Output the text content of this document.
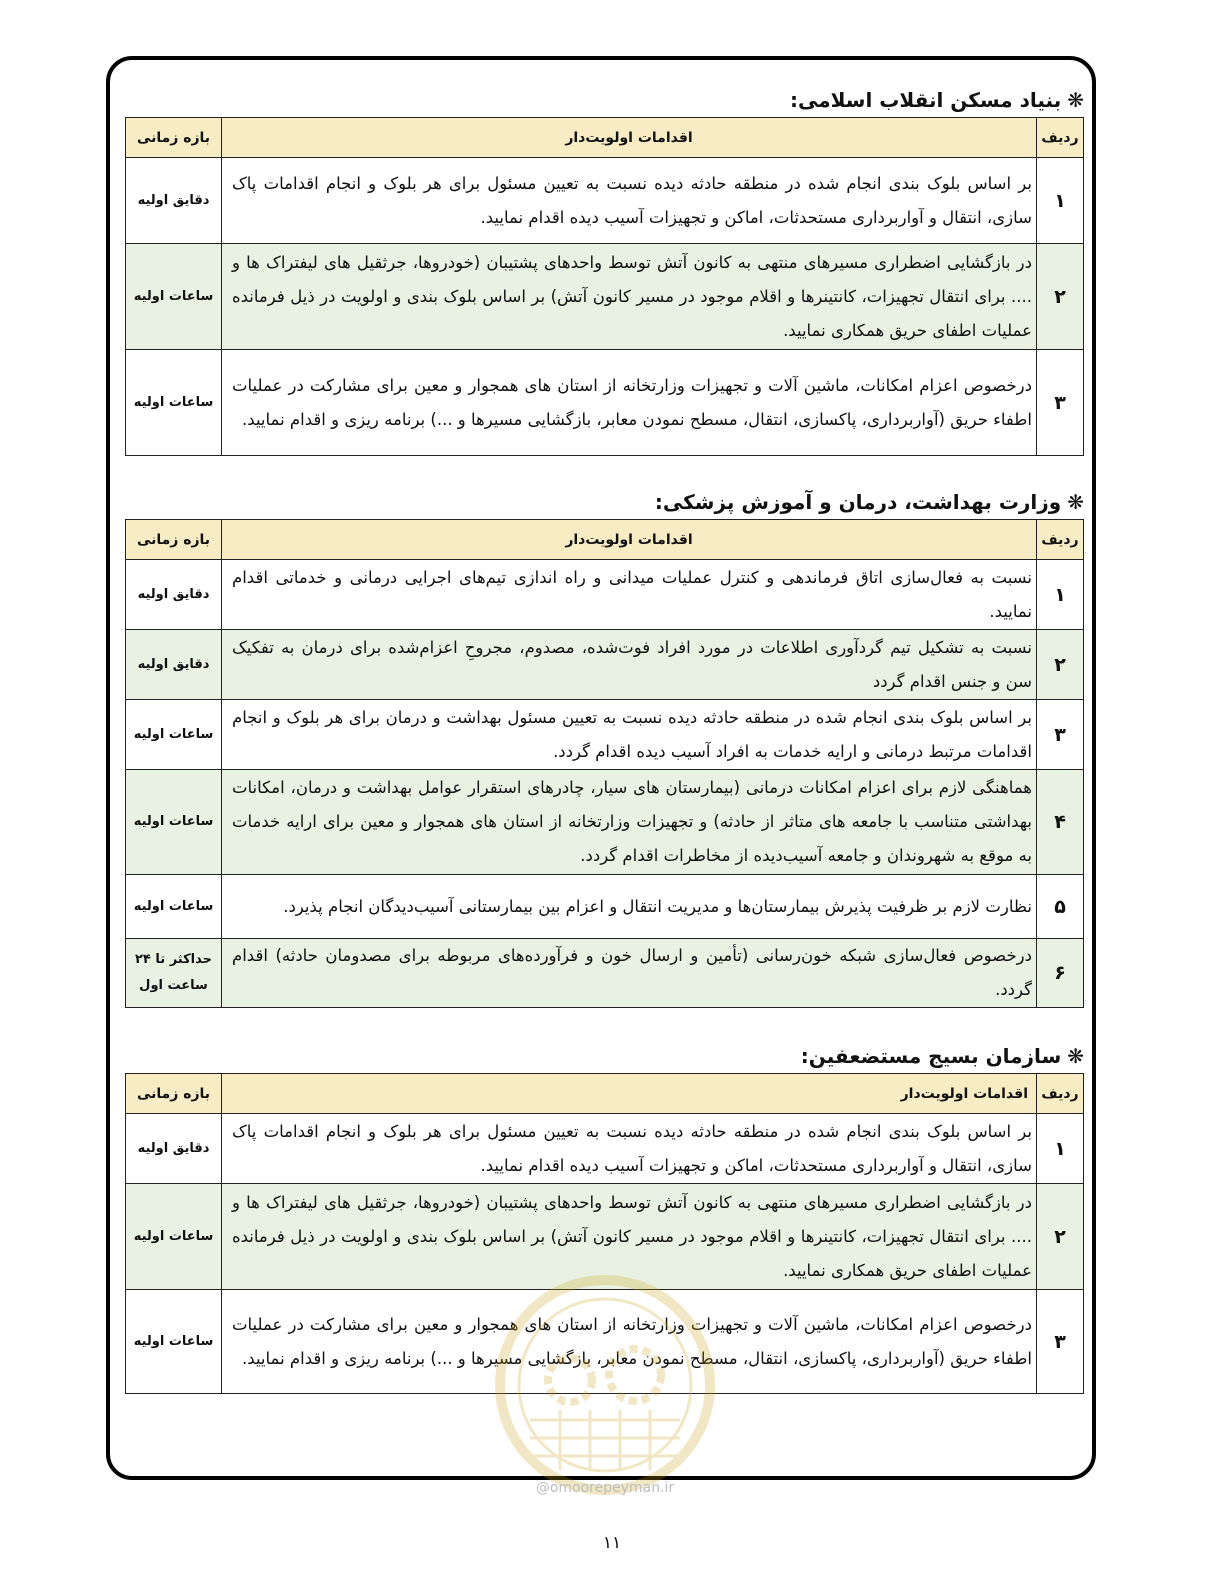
❋بنیاد مسکن انقلاب اسلامی:
ردیف	اقدامات اولویت‌دار	بازه زمانی
۱	بر اساس بلوک بندی انجام شده در منطقه حادثه دیده نسبت به تعیین مسئول برای هر بلوک و انجام اقدامات پاک سازی، انتقال و آواربرداری مستحدثات، اماکن و تجهیزات آسیب دیده اقدام نمایید.	دقایق اولیه
۲	در بازگشایی اضطراری مسیرهای منتهی به کانون آتش توسط واحدهای پشتیبان (خودروها، جرثقیل های لیفتراک ها و .... برای انتقال تجهیزات، کانتینرها و اقلام موجود در مسیر کانون آتش) بر اساس بلوک بندی و اولویت در ذیل فرمانده عملیات اطفای حریق همکاری نمایید.	ساعات اولیه
۳	درخصوص اعزام امکانات، ماشین آلات و تجهیزات وزارتخانه از استان های همجوار و معین برای مشارکت در عملیات اطفاء حریق (آواربرداری، پاکسازی، انتقال، مسطح نمودن معابر، بازگشایی مسیرها و ...) برنامه ریزی و اقدام نمایید.	ساعات اولیه
❋وزارت بهداشت، درمان و آموزش پزشکی:
ردیف	اقدامات اولویت‌دار	بازه زمانی
۱	نسبت به فعال‌سازی اتاق فرماندهی و کنترل عملیات میدانی و راه اندازی تیم‌های اجرایی درمانی و خدماتی اقدام نمایید.	دقایق اولیه
۲	نسبت به تشکیل تیم گردآوری اطلاعات در مورد افراد فوت‌شده، مصدوم، مجروحِ اعزام‌شده برای درمان به تفکیک سن و جنس اقدام گردد	دقایق اولیه
۳	بر اساس بلوک بندی انجام شده در منطقه حادثه دیده نسبت به تعیین مسئول بهداشت و درمان برای هر بلوک و انجام اقدامات مرتبط درمانی و ارایه خدمات به افراد آسیب دیده اقدام گردد.	ساعات اولیه
۴	هماهنگی لازم برای اعزام امکانات درمانی (بیمارستان های سیار، چادرهای استقرار عوامل بهداشت و درمان، امکانات بهداشتی متناسب با جامعه های متاثر از حادثه) و تجهیزات وزارتخانه از استان های همجوار و معین برای ارایه خدمات به موقع به شهروندان و جامعه آسیب‌دیده از مخاطرات اقدام گردد.	ساعات اولیه
۵	نظارت لازم بر ظرفیت پذیرش بیمارستان‌ها و مدیریت انتقال و اعزام بین بیمارستانی آسیب‌دیدگان انجام پذیرد.	ساعات اولیه
۶	درخصوص فعال‌سازی شبکه خون‌رسانی (تأمین و ارسال خون و فرآورده‌های مربوطه برای مصدومان حادثه) اقدام گردد.	حداکثر تا ۲۴ ساعت اول
❋سازمان بسیج مستضعفین:
ردیف	اقدامات اولویت‌دار	بازه زمانی
۱	بر اساس بلوک بندی انجام شده در منطقه حادثه دیده نسبت به تعیین مسئول برای هر بلوک و انجام اقدامات پاک سازی، انتقال و آواربرداری مستحدثات، اماکن و تجهیزات آسیب دیده اقدام نمایید.	دقایق اولیه
۲	در بازگشایی اضطراری مسیرهای منتهی به کانون آتش توسط واحدهای پشتیبان (خودروها، جرثقیل های لیفتراک ها و .... برای انتقال تجهیزات، کانتینرها و اقلام موجود در مسیر کانون آتش) بر اساس بلوک بندی و اولویت در ذیل فرمانده عملیات اطفای حریق همکاری نمایید.	ساعات اولیه
۳	درخصوص اعزام امکانات، ماشین آلات و تجهیزات وزارتخانه از استان های همجوار و معین برای مشارکت در عملیات اطفاء حریق (آواربرداری، پاکسازی، انتقال، مسطح نمودن معابر، بازگشایی مسیرها و ...) برنامه ریزی و اقدام نمایید.	ساعات اولیه
@omoorepeyman.ir
۱۱
